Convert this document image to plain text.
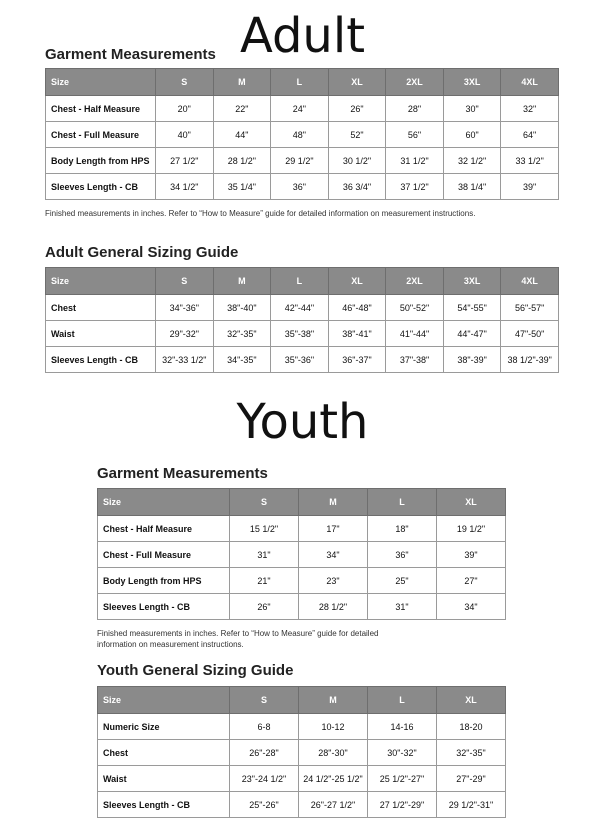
Adult
Garment Measurements
Size	S	M	L	XL	2XL	3XL	4XL
Chest - Half Measure	20"	22"	24"	26"	28"	30"	32"
Chest - Full Measure	40"	44"	48"	52"	56"	60"	64"
Body Length from HPS	27 1/2"	28 1/2"	29 1/2"	30 1/2"	31 1/2"	32 1/2"	33 1/2"
Sleeves Length - CB	34 1/2"	35 1/4"	36"	36 3/4"	37 1/2"	38 1/4"	39"

Finished measurements in inches. Refer to “How to Measure” guide for detailed information on measurement instructions.

Adult General Sizing Guide
Size	S	M	L	XL	2XL	3XL	4XL
Chest	34"-36"	38"-40"	42"-44"	46"-48"	50"-52"	54"-55"	56"-57"
Waist	29"-32"	32"-35"	35"-38"	38"-41"	41"-44"	44"-47"	47"-50"
Sleeves Length - CB	32"-33 1/2"	34"-35"	35"-36"	36"-37"	37"-38"	38"-39"	38 1/2"-39"
Youth
Garment Measurements
Size	S	M	L	XL
Chest - Half Measure	15 1/2"	17"	18"	19 1/2"
Chest - Full Measure	31"	34"	36"	39"
Body Length from HPS	21"	23"	25"	27"
Sleeves Length - CB	26"	28 1/2"	31"	34"

Finished measurements in inches. Refer to “How to Measure” guide for detailed
information on measurement instructions.

Youth General Sizing Guide
Size	S	M	L	XL
Numeric Size	6-8	10-12	14-16	18-20
Chest	26"-28"	28"-30"	30"-32"	32"-35"
Waist	23"-24 1/2"	24 1/2"-25 1/2"	25 1/2"-27"	27"-29"
Sleeves Length - CB	25"-26"	26"-27 1/2"	27 1/2"-29"	29 1/2"-31"
